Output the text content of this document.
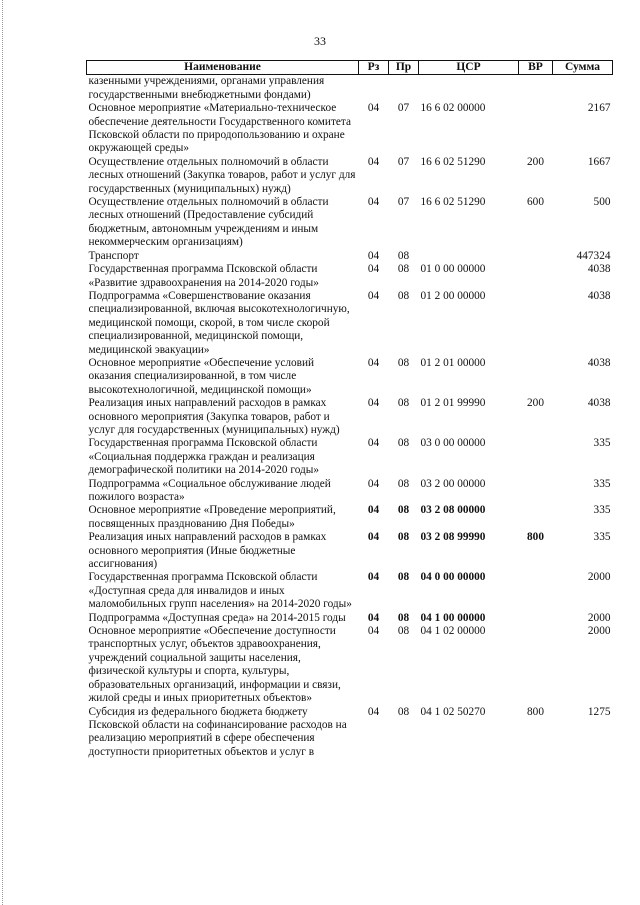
33
Наименование	Рз	Пр	ЦСР	ВР	Сумма
казенными учреждениями, органами управления государственными внебюджетными фондами)					
Основное мероприятие «Материально-техническое обеспечение деятельности Государственного комитета Псковской области по природопользованию и охране окружающей среды»	04	07	16 6 02 00000		2167
Осуществление отдельных полномочий в области лесных отношений (Закупка товаров, работ и услуг для государственных (муниципальных) нужд)	04	07	16 6 02 51290	200	1667
Осуществление отдельных полномочий в области лесных отношений (Предоставление субсидий бюджетным, автономным учреждениям и иным некоммерческим организациям)	04	07	16 6 02 51290	600	500
Транспорт	04	08			447324
Государственная программа Псковской области «Развитие здравоохранения на 2014-2020 годы»	04	08	01 0 00 00000		4038
Подпрограмма «Совершенствование оказания специализированной, включая высокотехнологичную, медицинской помощи, скорой, в том числе скорой специализированной, медицинской помощи, медицинской эвакуации»	04	08	01 2 00 00000		4038
Основное мероприятие «Обеспечение условий оказания специализированной, в том числе высокотехнологичной, медицинской помощи»	04	08	01 2 01 00000		4038
Реализация иных направлений расходов в рамках основного мероприятия (Закупка товаров, работ и услуг для государственных (муниципальных) нужд)	04	08	01 2 01 99990	200	4038
Государственная программа Псковской области «Социальная поддержка граждан и реализация демографической политики на 2014-2020 годы»	04	08	03 0 00 00000		335
Подпрограмма «Социальное обслуживание людей пожилого возраста»	04	08	03 2 00 00000		335
Основное мероприятие «Проведение мероприятий, посвященных празднованию Дня Победы»	04	08	03 2 08 00000		335
Реализация иных направлений расходов в рамках основного мероприятия (Иные бюджетные ассигнования)	04	08	03 2 08 99990	800	335
Государственная программа Псковской области «Доступная среда для инвалидов и иных маломобильных групп населения» на 2014-2020 годы»	04	08	04 0 00 00000		2000
Подпрограмма «Доступная среда» на 2014-2015 годы	04	08	04 1 00 00000		2000
Основное мероприятие «Обеспечение доступности транспортных услуг, объектов здравоохранения, учреждений социальной защиты населения, физической культуры и спорта, культуры, образовательных организаций, информации и связи, жилой среды и иных приоритетных объектов»	04	08	04 1 02 00000		2000
Субсидия из федерального бюджета бюджету Псковской области на софинансирование расходов на реализацию мероприятий в сфере обеспечения доступности приоритетных объектов и услуг в	04	08	04 1 02 50270	800	1275
